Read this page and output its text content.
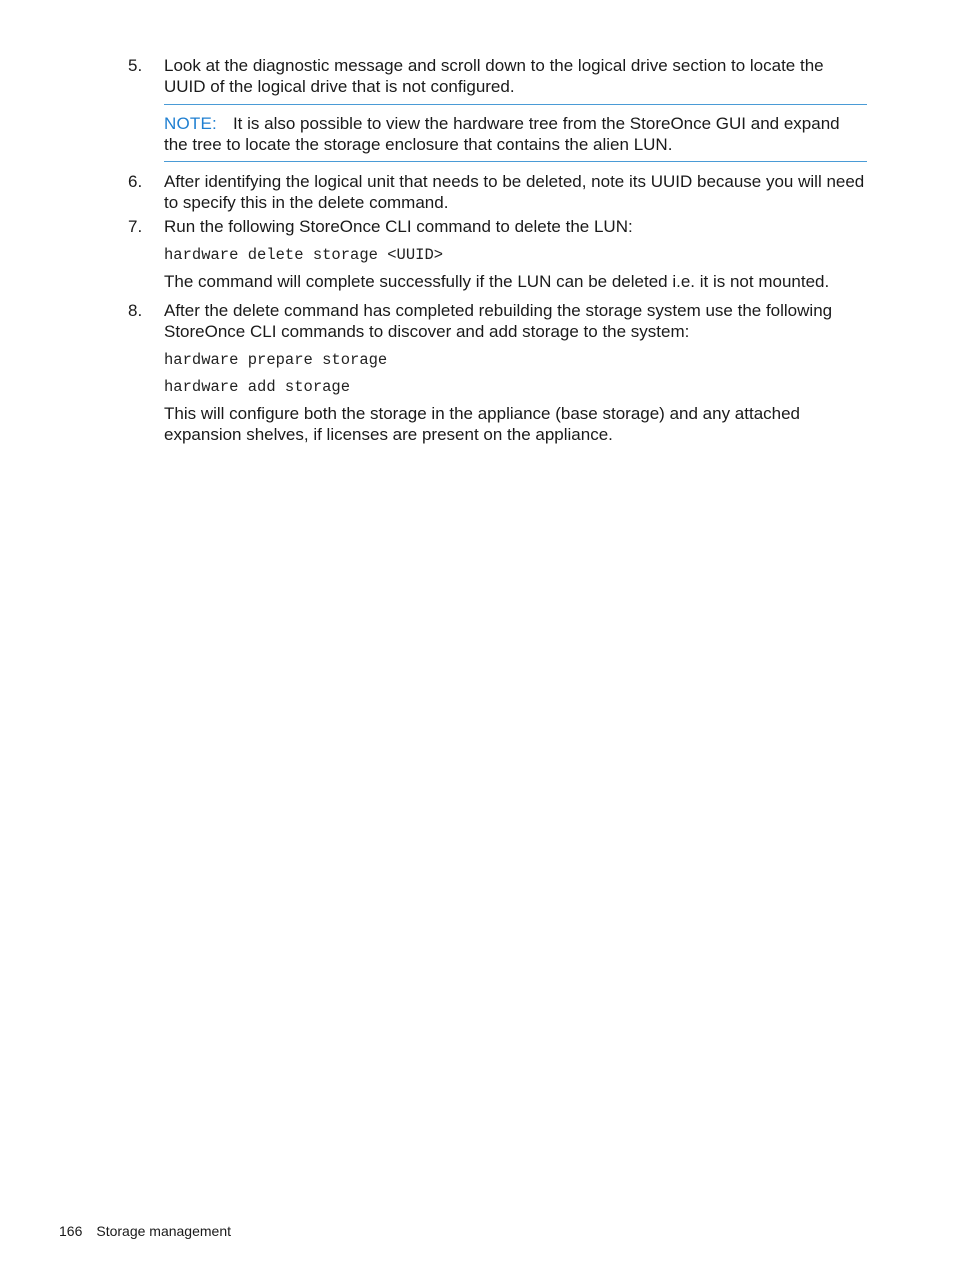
5.	Look at the diagnostic message and scroll down to the logical drive section to locate the UUID of the logical drive that is not configured.
NOTE: It is also possible to view the hardware tree from the StoreOnce GUI and expand the tree to locate the storage enclosure that contains the alien LUN.
6.	After identifying the logical unit that needs to be deleted, note its UUID because you will need to specify this in the delete command.
7.	Run the following StoreOnce CLI command to delete the LUN:
hardware delete storage <UUID>
The command will complete successfully if the LUN can be deleted i.e. it is not mounted.
8.	After the delete command has completed rebuilding the storage system use the following StoreOnce CLI commands to discover and add storage to the system:
hardware prepare storage
hardware add storage
This will configure both the storage in the appliance (base storage) and any attached expansion shelves, if licenses are present on the appliance.
166 Storage management
